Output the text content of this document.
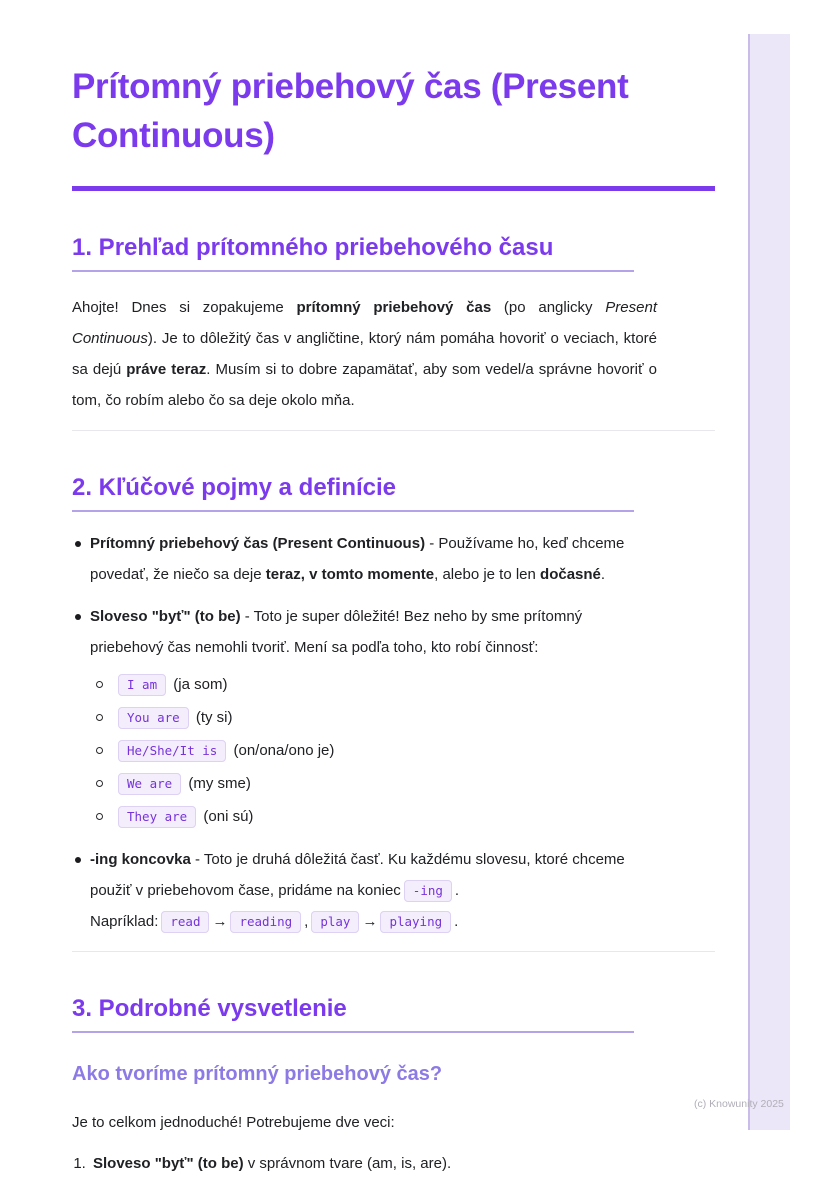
Prítomný priebehový čas (Present Continuous)
1. Prehľad prítomného priebehového času

Ahojte! Dnes si zopakujeme prítomný priebehový čas (po anglicky Present Continuous). Je to dôležitý čas v angličtine, ktorý nám pomáha hovoriť o veciach, ktoré sa dejú práve teraz. Musím si to dobre zapamätať, aby som vedel/a správne hovoriť o tom, čo robím alebo čo sa deje okolo mňa.

2. Kľúčové pojmy a definície
Prítomný priebehový čas (Present Continuous) - Používame ho, keď chceme povedať, že niečo sa deje teraz, v tomto momente, alebo je to len dočasné.
Sloveso "byť" (to be) - Toto je super dôležité! Bez neho by sme prítomný priebehový čas nemohli tvoriť. Mení sa podľa toho, kto robí činnosť:
I am (ja som)
You are (ty si)
He/She/It is (on/ona/ono je)
We are (my sme)
They are (oni sú)
-ing koncovka - Toto je druhá dôležitá časť. Ku každému slovesu, ktoré chceme použiť v priebehovom čase, pridáme na koniec -ing . Napríklad: read → reading , play → playing .
3. Podrobné vysvetlenie
Ako tvoríme prítomný priebehový čas?

Je to celkom jednoduché! Potrebujeme dve veci:

1. Sloveso "byť" (to be) v správnom tvare (am, is, are).
(c) Knowunity 2025
